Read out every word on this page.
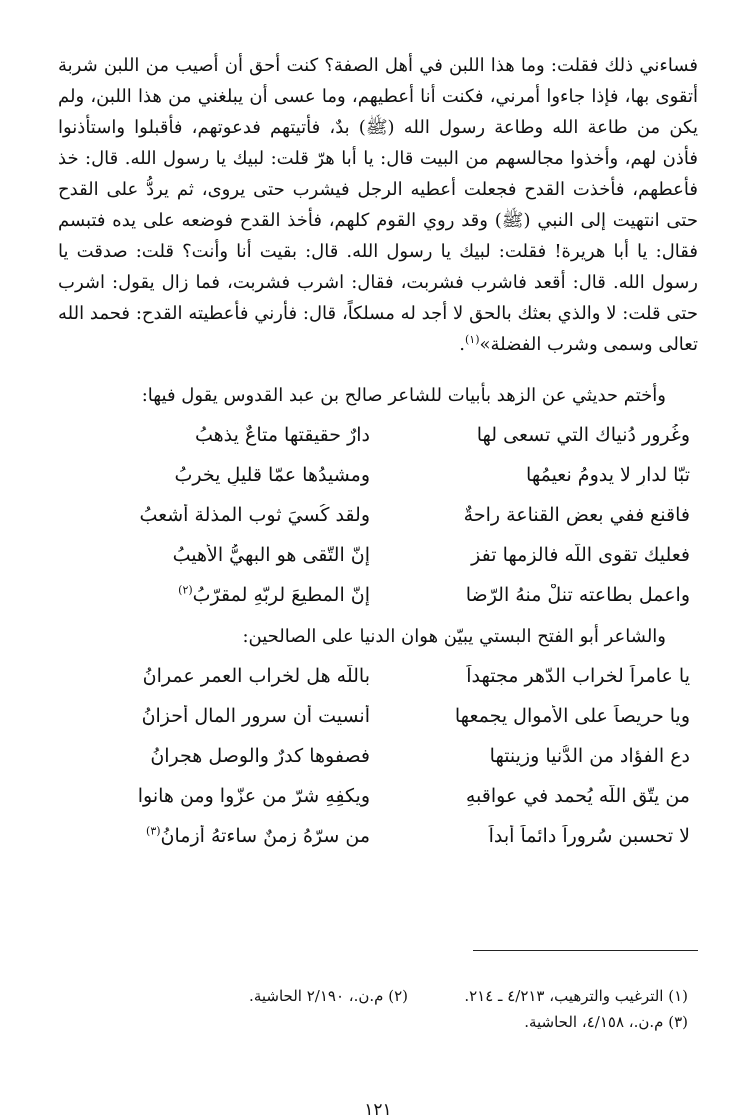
فساءني ذلك فقلت: وما هذا اللبن في أهل الصفة؟ كنت أحق أن أصيب من اللبن شربة أتقوى بها، فإذا جاءوا أمرني، فكنت أنا أعطيهم، وما عسى أن يبلغني من هذا اللبن، ولم يكن من طاعة الله وطاعة رسول الله (ﷺ) بدٌ، فأتيتهم فدعوتهم، فأقبلوا واستأذنوا فأذن لهم، وأخذوا مجالسهم من البيت قال: يا أبا هرّ قلت: لبيك يا رسول الله. قال: خذ فأعطهم، فأخذت القدح فجعلت أعطيه الرجل فيشرب حتى يروى، ثم يردُّ على القدح حتى انتهيت إلى النبي (ﷺ) وقد روي القوم كلهم، فأخذ القدح فوضعه على يده فتبسم فقال: يا أبا هريرة! فقلت: لبيك يا رسول الله. قال: بقيت أنا وأنت؟ قلت: صدقت يا رسول الله. قال: أقعد فاشرب فشربت، فقال: اشرب فشربت، فما زال يقول: اشرب حتى قلت: لا والذي بعثك بالحق لا أجد له مسلكاً، قال: فأرني فأعطيته القدح: فحمد الله تعالى وسمى وشرب الفضلة»$^{(١)}$.

وأختم حديثي عن الزهد بأبيات للشاعر صالح بن عبد القدوس يقول فيها:

وغُرور دُنياك التي تسعى لها
دارٌ حقيقتها متاعٌ يذهبُ
تبّا لدارٍ لا يدومُ نعيمُها
ومشيدُها عمّا قليلٍ يخربُ
فاقنع ففي بعض القناعة راحةٌ
ولقد كُسيَ ثوب المذلة أشعبُ
فعليك تقوى اللّه فالزمها تفز
إنّ التّقى هو البهيُّ الأهيبُ
واعمل بطاعته تنلْ منهُ الرّضا
إنّ المطيعَ لربّهِ لمقرّبُ$^{(٢)}$

والشاعر أبو الفتح البستي يبيّن هوان الدنيا على الصالحين:

يا عامراً لخراب الدّهر مجتهداً
باللّه هل لخراب العمر عمرانُ
ويا حريصاً على الأموال يجمعها
أنسيت أن سرور المال أحزانُ
دع الفؤاد من الدُّنيا وزينتها
فصفوها كدرٌ والوصل هجرانُ
من يتّقِ اللّه يُحمد في عواقبهِ
ويكفِهِ شرّ من عزّوا ومن هانوا
لا تحسبن سُروراً دائماً أبداً
من سرّهُ زمنٌ ساءتهُ أزمانُ$^{(٣)}$
(١) الترغيب والترهيب، ٤/٢١٣ ـ ٢١٤.
(٢) م.ن.، ٢/١٩٠ الحاشية.
(٣) م.ن.، ٤/١٥٨، الحاشية.
١٢١
